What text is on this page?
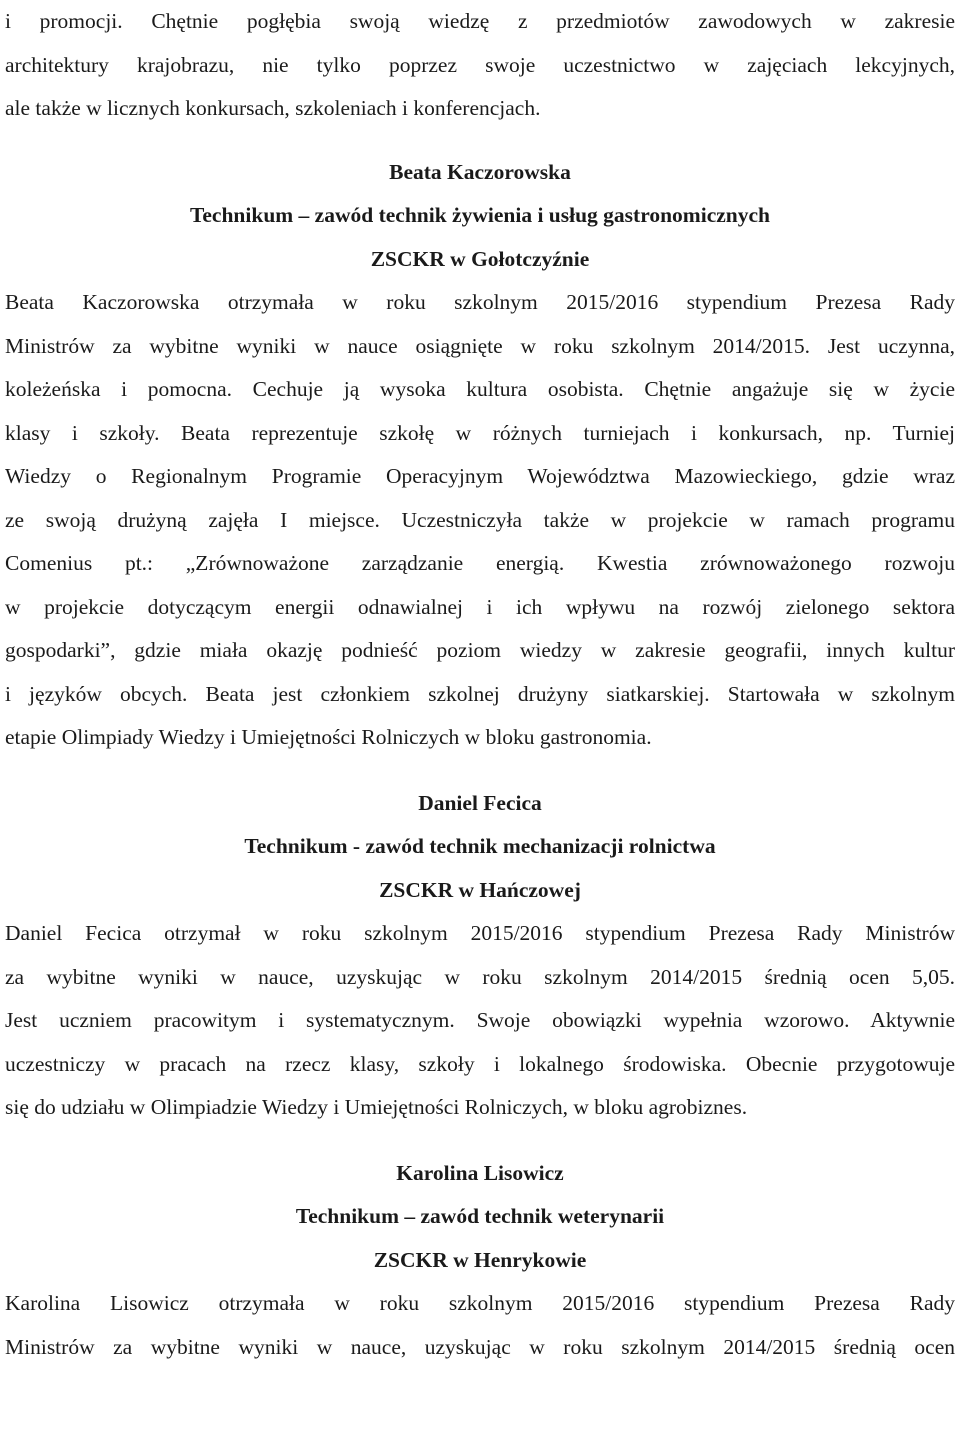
i promocji. Chętnie pogłębia swoją wiedzę z przedmiotów zawodowych w zakresie
architektury krajobrazu, nie tylko poprzez swoje uczestnictwo w zajęciach lekcyjnych,
ale także w licznych konkursach, szkoleniach i konferencjach.
Beata Kaczorowska
Technikum – zawód technik żywienia i usług gastronomicznych
ZSCKR w Gołotczyźnie
Beata Kaczorowska otrzymała w roku szkolnym 2015/2016 stypendium Prezesa Rady
Ministrów za wybitne wyniki w nauce osiągnięte w roku szkolnym 2014/2015. Jest uczynna,
koleżeńska i pomocna. Cechuje ją wysoka kultura osobista. Chętnie angażuje się w życie
klasy i szkoły. Beata reprezentuje szkołę w różnych turniejach i konkursach, np. Turniej
Wiedzy o Regionalnym Programie Operacyjnym Województwa Mazowieckiego, gdzie wraz
ze swoją drużyną zajęła I miejsce. Uczestniczyła także w projekcie w ramach programu
Comenius pt.: „Zrównoważone zarządzanie energią. Kwestia zrównoważonego rozwoju
w projekcie dotyczącym energii odnawialnej i ich wpływu na rozwój zielonego sektora
gospodarki”, gdzie miała okazję podnieść poziom wiedzy w zakresie geografii, innych kultur
i języków obcych. Beata jest członkiem szkolnej drużyny siatkarskiej. Startowała w szkolnym
etapie Olimpiady Wiedzy i Umiejętności Rolniczych w bloku gastronomia.
Daniel Fecica
Technikum - zawód technik mechanizacji rolnictwa
ZSCKR w Hańczowej
Daniel Fecica otrzymał w roku szkolnym 2015/2016 stypendium Prezesa Rady Ministrów
za wybitne wyniki w nauce, uzyskując w roku szkolnym 2014/2015 średnią ocen 5,05.
Jest uczniem pracowitym i systematycznym. Swoje obowiązki wypełnia wzorowo. Aktywnie
uczestniczy w pracach na rzecz klasy, szkoły i lokalnego środowiska. Obecnie przygotowuje
się do udziału w Olimpiadzie Wiedzy i Umiejętności Rolniczych, w bloku agrobiznes.
Karolina Lisowicz
Technikum – zawód technik weterynarii
ZSCKR w Henrykowie
Karolina Lisowicz otrzymała w roku szkolnym 2015/2016 stypendium Prezesa Rady
Ministrów za wybitne wyniki w nauce, uzyskując w roku szkolnym 2014/2015 średnią ocen
